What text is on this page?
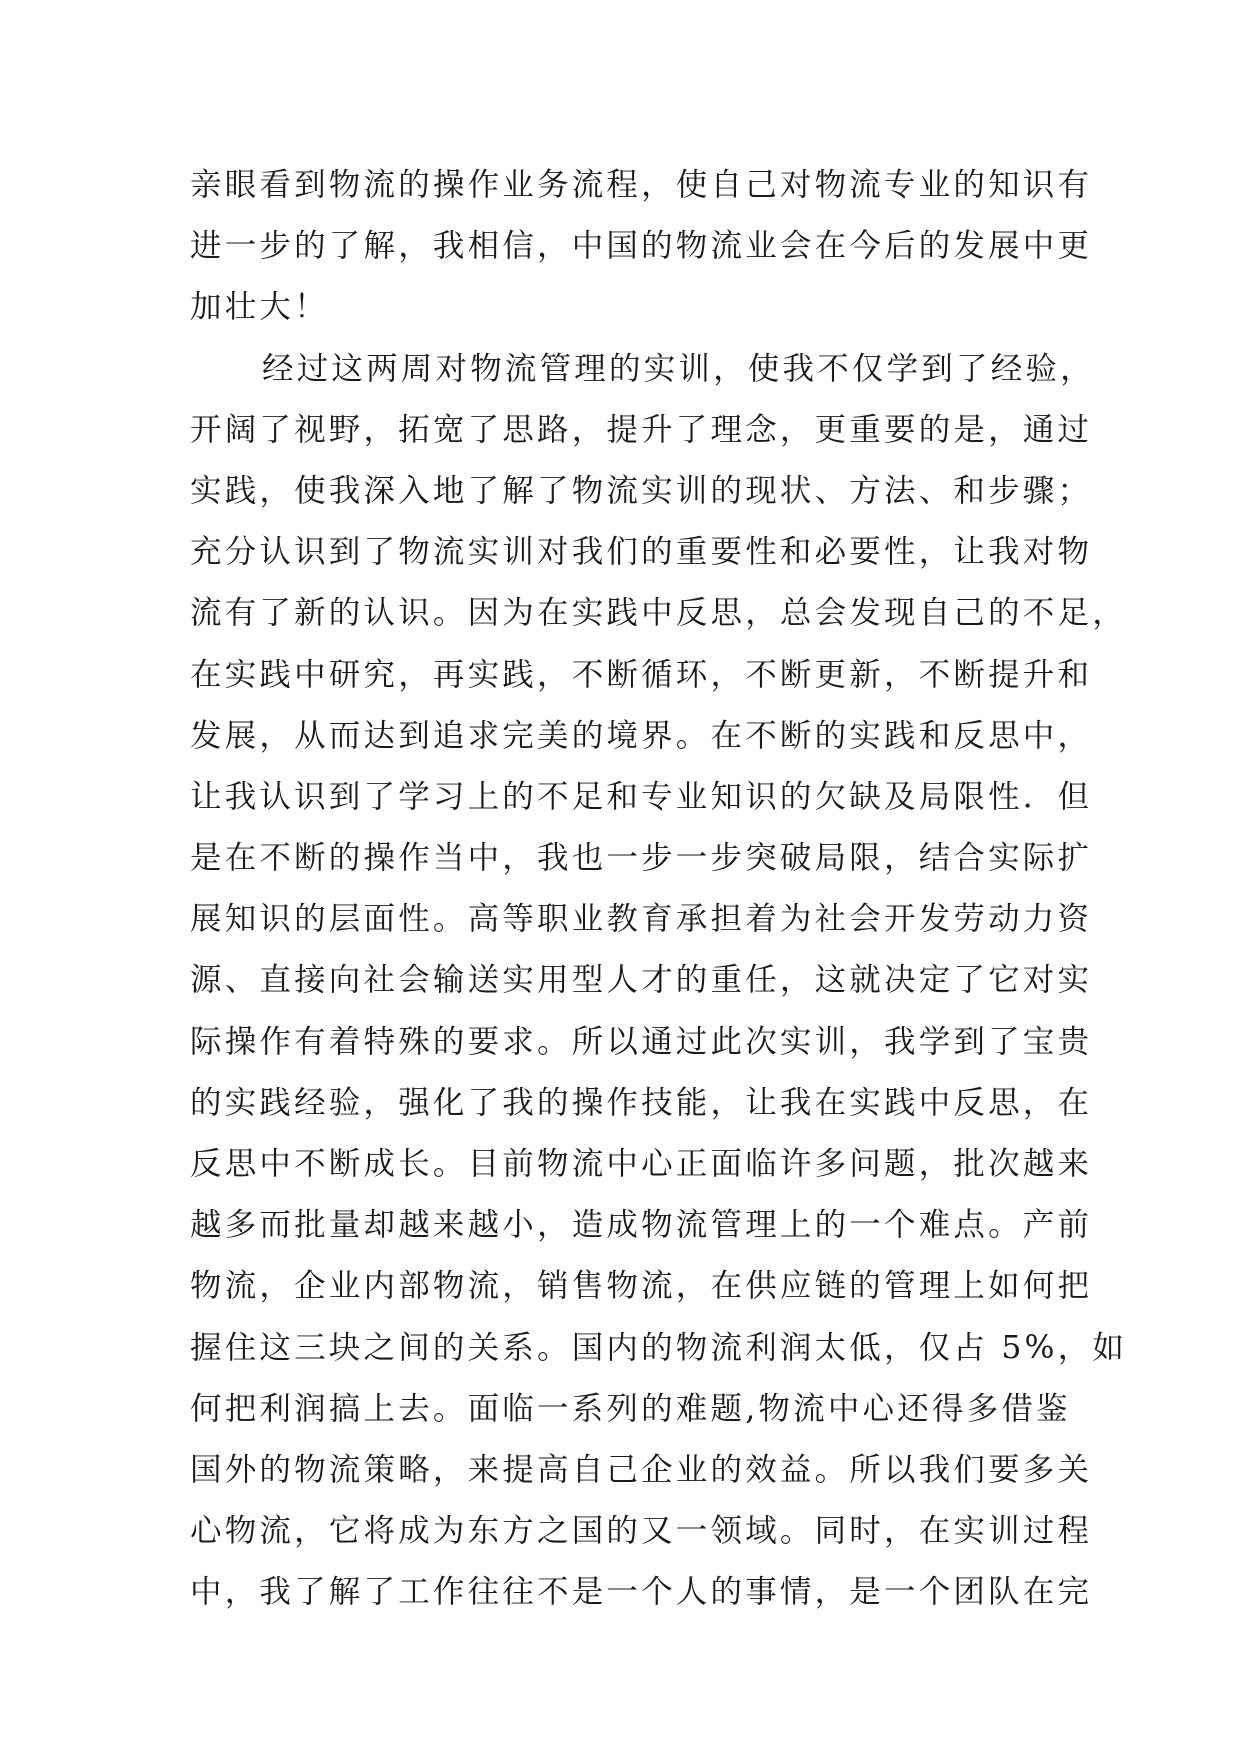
亲眼看到物流的操作业务流程，使自己对物流专业的知识有
进一步的了解，我相信，中国的物流业会在今后的发展中更
加壮大！
经过这两周对物流管理的实训，使我不仅学到了经验，
开阔了视野，拓宽了思路，提升了理念，更重要的是，通过
实践，使我深入地了解了物流实训的现状、方法、和步骤；
充分认识到了物流实训对我们的重要性和必要性，让我对物
流有了新的认识。因为在实践中反思，总会发现自己的不足，
在实践中研究，再实践，不断循环，不断更新，不断提升和
发展，从而达到追求完美的境界。在不断的实践和反思中，
让我认识到了学习上的不足和专业知识的欠缺及局限性．但
是在不断的操作当中，我也一步一步突破局限，结合实际扩
展知识的层面性。高等职业教育承担着为社会开发劳动力资
源、直接向社会输送实用型人才的重任，这就决定了它对实
际操作有着特殊的要求。所以通过此次实训，我学到了宝贵
的实践经验，强化了我的操作技能，让我在实践中反思，在
反思中不断成长。目前物流中心正面临许多问题，批次越来
越多而批量却越来越小，造成物流管理上的一个难点。产前
物流，企业内部物流，销售物流，在供应链的管理上如何把
握住这三块之间的关系。国内的物流利润太低，仅占 5%，如
何把利润搞上去。面临一系列的难题,物流中心还得多借鉴
国外的物流策略，来提高自己企业的效益。所以我们要多关
心物流，它将成为东方之国的又一领域。同时，在实训过程
中，我了解了工作往往不是一个人的事情，是一个团队在完
